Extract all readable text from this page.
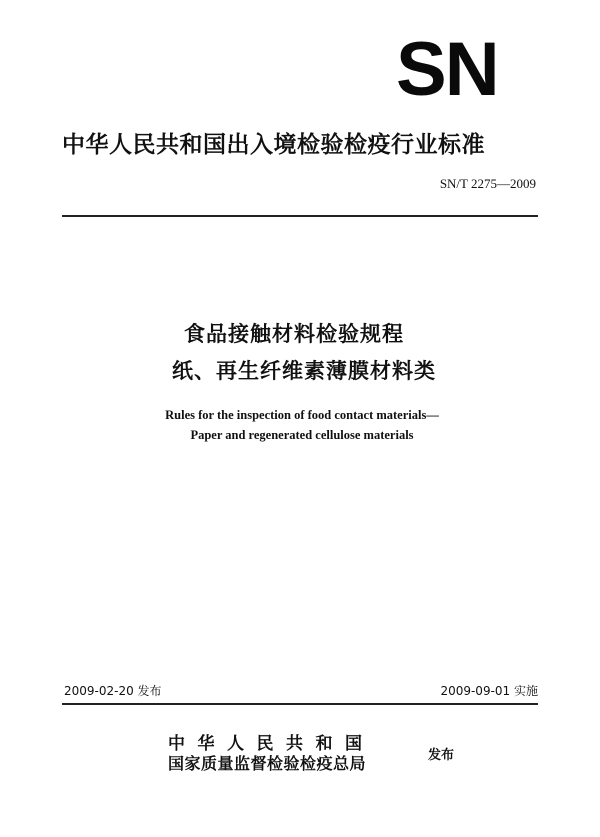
SN
中华人民共和国出入境检验检疫行业标准
SN/T 2275—2009
食品接触材料检验规程
纸、再生纤维素薄膜材料类
Rules for the inspection of food contact materials—
Paper and regenerated cellulose materials
2009-02-20 发布	2009-09-01 实施
中华人民共和国
国家质量监督检验检疫总局	发布
